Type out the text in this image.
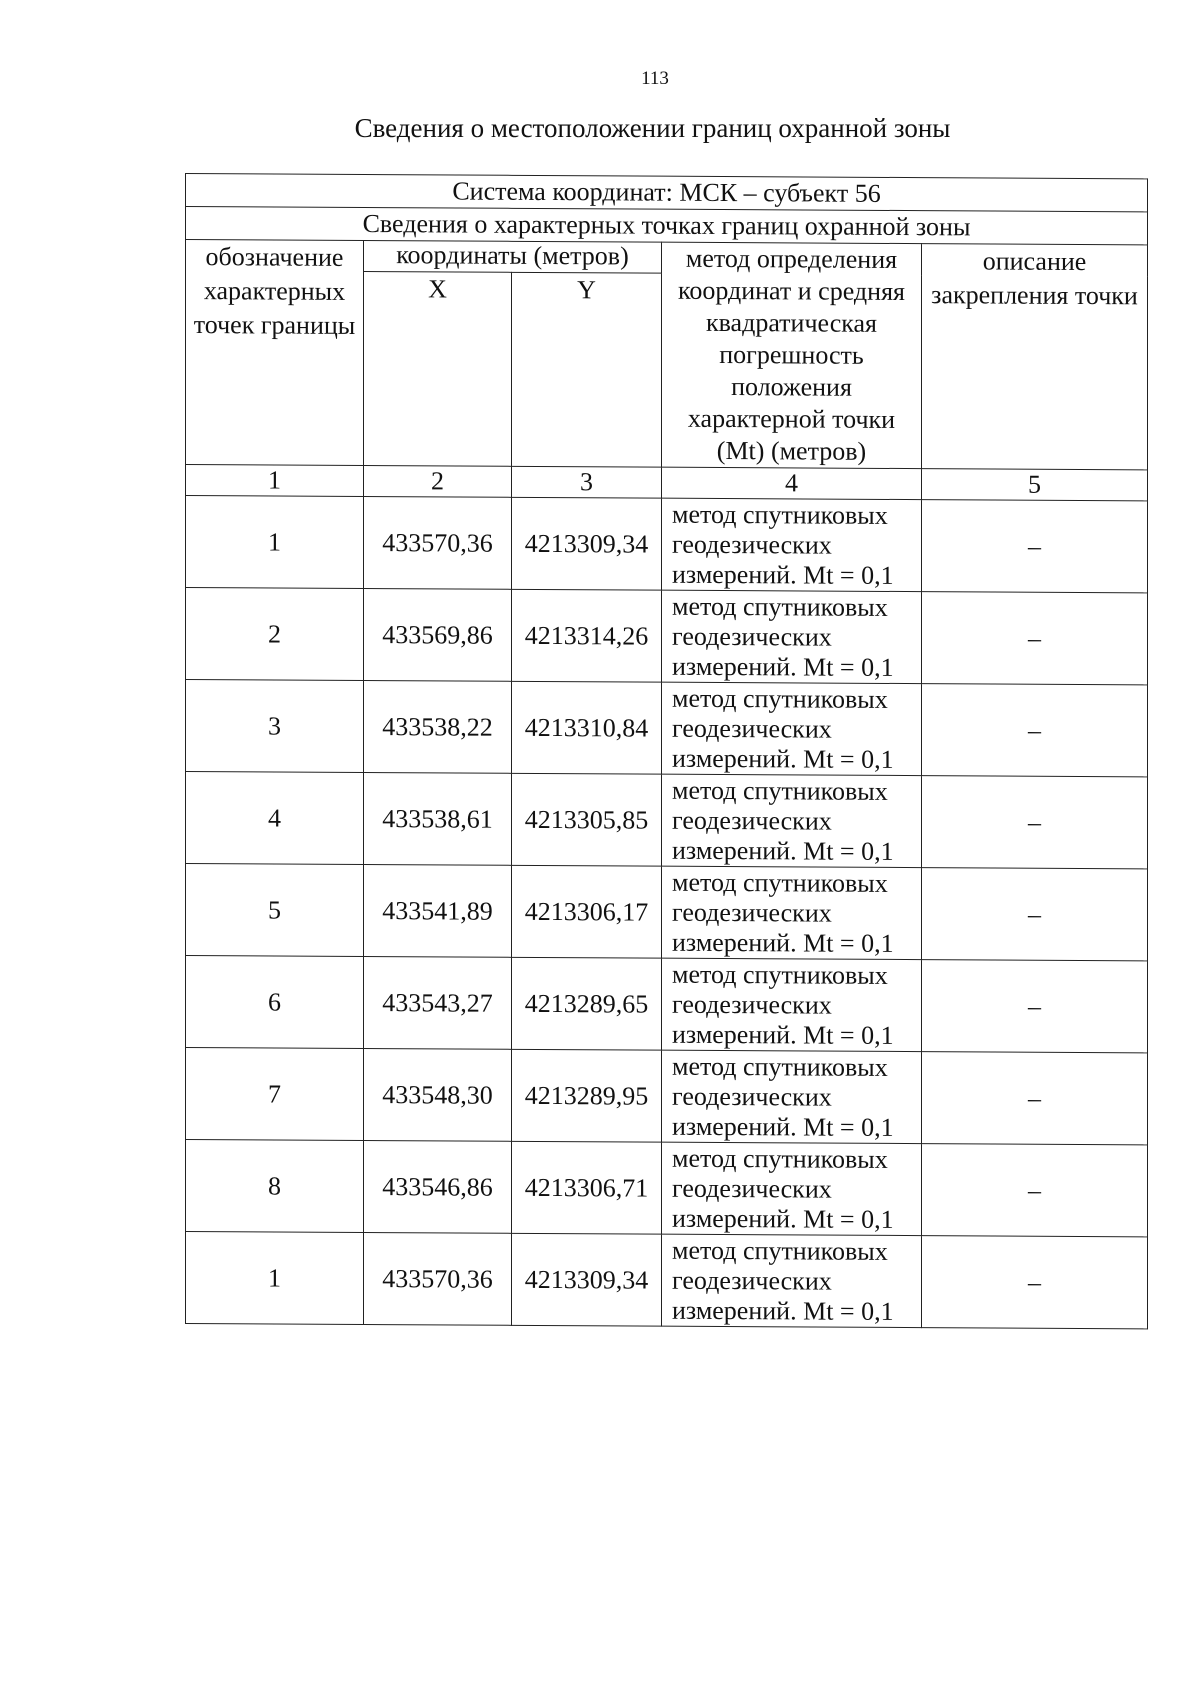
113
Сведения о местоположении границ охранной зоны
Система координат: МСК – субъект 56				
Сведения о характерных точках границ охранной зоны				
обозначение характерных точек границы	координаты (метров)		метод определения координат и средняя квадратическая погрешность положения характерной точки (Mt) (метров)	описание закрепления точки
	X	Y		
1	2	3	4	5
1	433570,36	4213309,34	метод спутниковых геодезических измерений. Mt = 0,1	–
2	433569,86	4213314,26	метод спутниковых геодезических измерений. Mt = 0,1	–
3	433538,22	4213310,84	метод спутниковых геодезических измерений. Mt = 0,1	–
4	433538,61	4213305,85	метод спутниковых геодезических измерений. Mt = 0,1	–
5	433541,89	4213306,17	метод спутниковых геодезических измерений. Mt = 0,1	–
6	433543,27	4213289,65	метод спутниковых геодезических измерений. Mt = 0,1	–
7	433548,30	4213289,95	метод спутниковых геодезических измерений. Mt = 0,1	–
8	433546,86	4213306,71	метод спутниковых геодезических измерений. Mt = 0,1	–
1	433570,36	4213309,34	метод спутниковых геодезических измерений. Mt = 0,1	–
